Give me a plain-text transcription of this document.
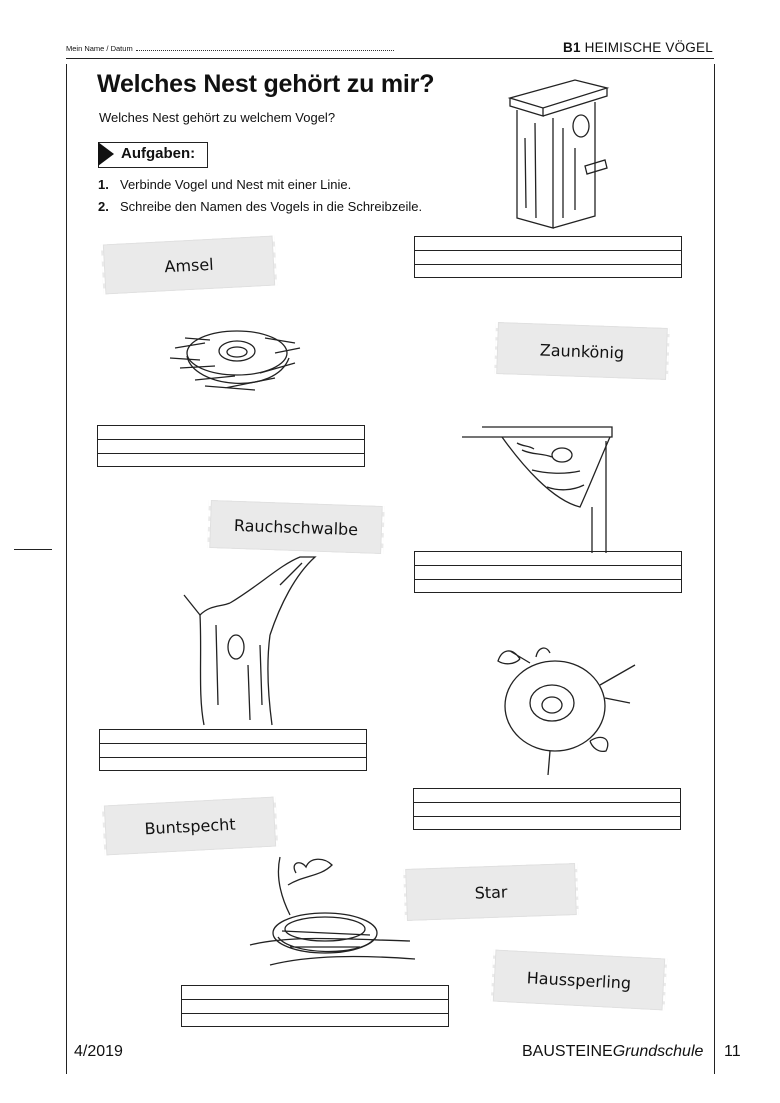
Mein Name / Datum	B1 HEIMISCHE VÖGEL
Welches Nest gehört zu mir?
Welches Nest gehört zu welchem Vogel?
Aufgaben:
1. Verbinde Vogel und Nest mit einer Linie.
2. Schreibe den Namen des Vogels in die Schreibzeile.
Amsel
Zaunkönig
Rauchschwalbe
Buntspecht
Star
Haussperling
4/2019	BAUSTEINEGrundschule 11
